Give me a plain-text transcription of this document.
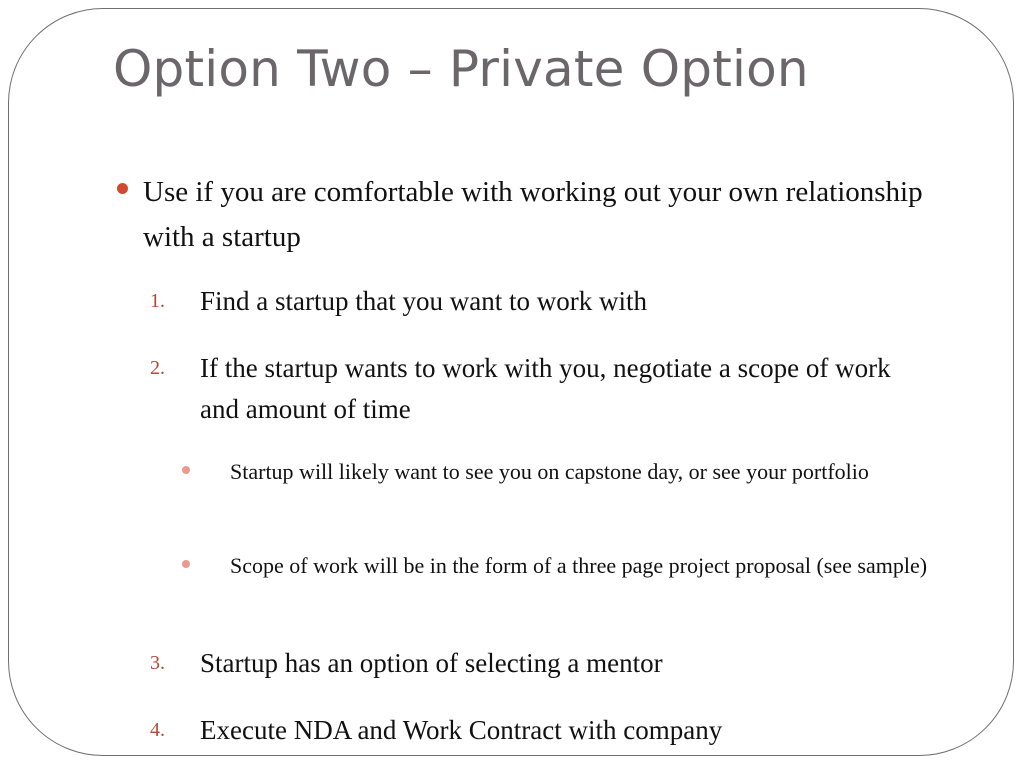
Option Two – Private Option
Use if you are comfortable with working out your own relationship with a startup
1. Find a startup that you want to work with
2. If the startup wants to work with you, negotiate a scope of work and amount of time
Startup will likely want to see you on capstone day, or see your portfolio
Scope of work will be in the form of a three page project proposal (see sample)
3. Startup has an option of selecting a mentor
4. Execute NDA and Work Contract with company
